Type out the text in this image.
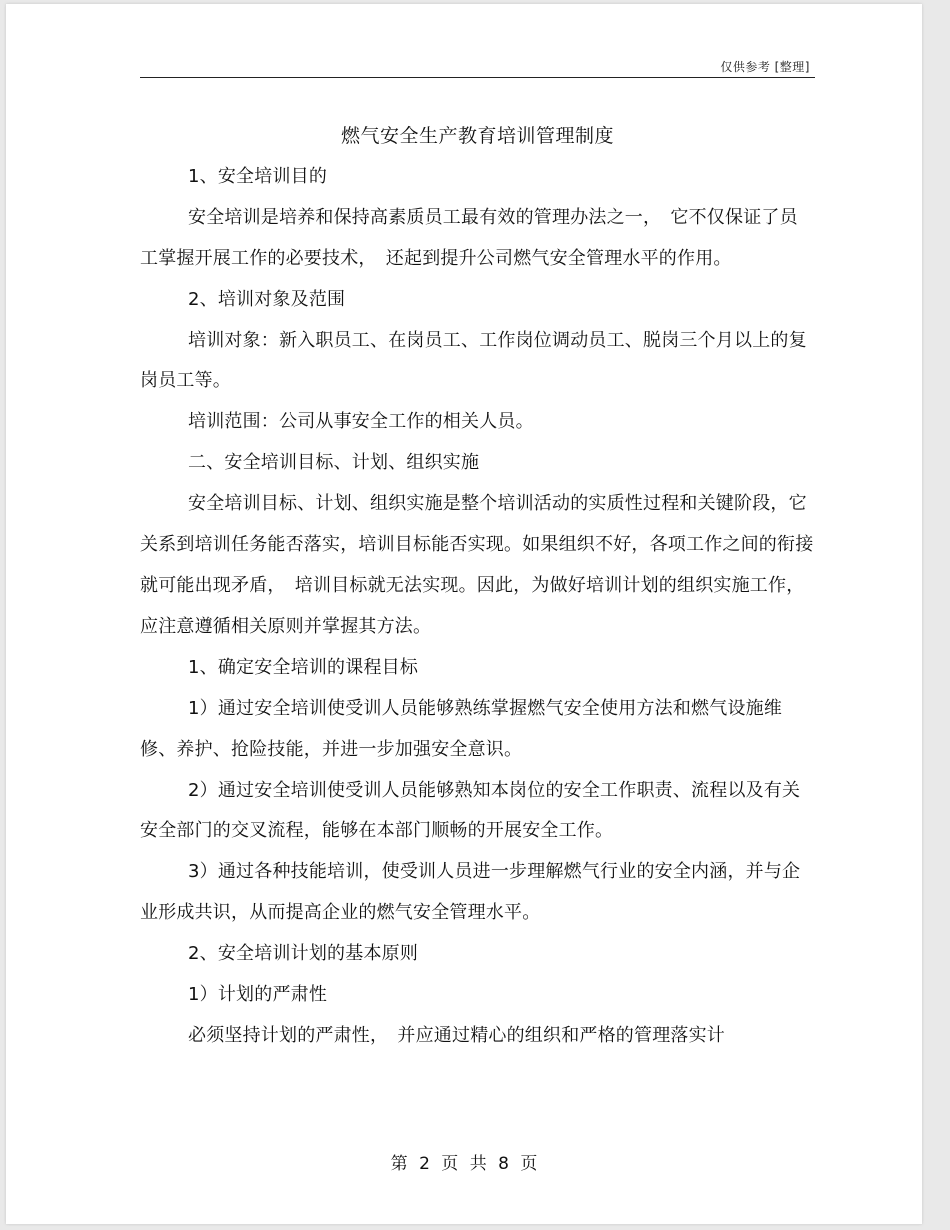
仅供参考 [整理]
燃气安全生产教育培训管理制度

1、安全培训目的

安全培训是培养和保持高素质员工最有效的管理办法之一，　它不仅保证了员工掌握开展工作的必要技术，　还起到提升公司燃气安全管理水平的作用。

2、培训对象及范围

培训对象：新入职员工、在岗员工、工作岗位调动员工、脱岗三个月以上的复岗员工等。

培训范围：公司从事安全工作的相关人员。

二、安全培训目标、计划、组织实施

安全培训目标、计划、组织实施是整个培训活动的实质性过程和关键阶段，它关系到培训任务能否落实，培训目标能否实现。如果组织不好，各项工作之间的衔接就可能出现矛盾，　培训目标就无法实现。因此，为做好培训计划的组织实施工作，应注意遵循相关原则并掌握其方法。

1、确定安全培训的课程目标

1）通过安全培训使受训人员能够熟练掌握燃气安全使用方法和燃气设施维修、养护、抢险技能，并进一步加强安全意识。

2）通过安全培训使受训人员能够熟知本岗位的安全工作职责、流程以及有关安全部门的交叉流程，能够在本部门顺畅的开展安全工作。

3）通过各种技能培训，使受训人员进一步理解燃气行业的安全内涵，并与企业形成共识，从而提高企业的燃气安全管理水平。

2、安全培训计划的基本原则

1）计划的严肃性

必须坚持计划的严肃性，　并应通过精心的组织和严格的管理落实计

第 2 页 共 8 页
